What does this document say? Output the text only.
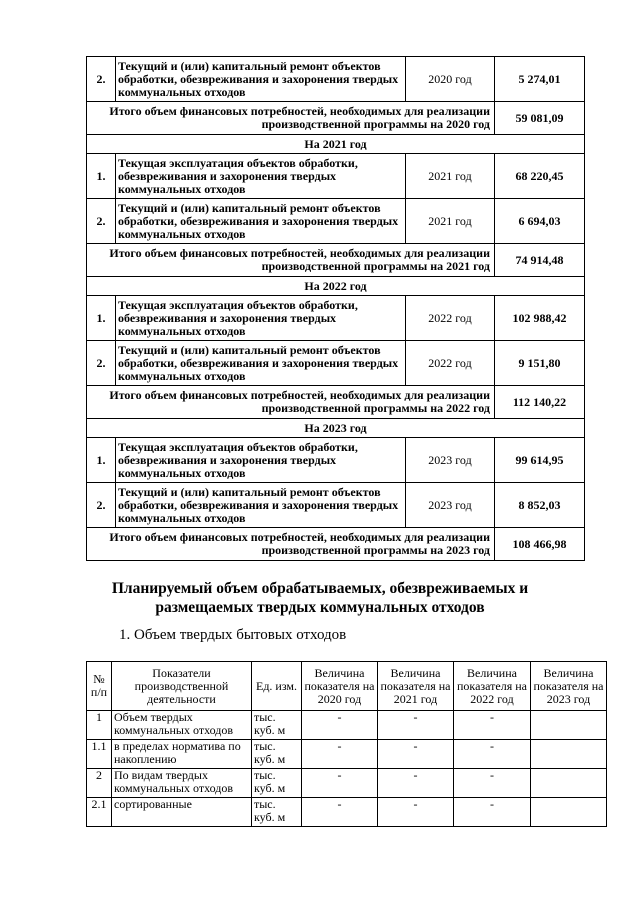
2.	Текущий и (или) капитальный ремонт объектов обработки, обезвреживания и захоронения твердых коммунальных отходов	2020 год	5 274,01
Итого объем финансовых потребностей, необходимых для реализации производственной программы на 2020 год			59 081,09
На 2021 год			
1.	Текущая эксплуатация объектов обработки, обезвреживания и захоронения твердых коммунальных отходов	2021 год	68 220,45
2.	Текущий и (или) капитальный ремонт объектов обработки, обезвреживания и захоронения твердых коммунальных отходов	2021 год	6 694,03
Итого объем финансовых потребностей, необходимых для реализации производственной программы на 2021 год			74 914,48
На 2022 год			
1.	Текущая эксплуатация объектов обработки, обезвреживания и захоронения твердых коммунальных отходов	2022 год	102 988,42
2.	Текущий и (или) капитальный ремонт объектов обработки, обезвреживания и захоронения твердых коммунальных отходов	2022 год	9 151,80
Итого объем финансовых потребностей, необходимых для реализации производственной программы на 2022 год			112 140,22
На 2023 год			
1.	Текущая эксплуатация объектов обработки, обезвреживания и захоронения твердых коммунальных отходов	2023 год	99 614,95
2.	Текущий и (или) капитальный ремонт объектов обработки, обезвреживания и захоронения твердых коммунальных отходов	2023 год	8 852,03
Итого объем финансовых потребностей, необходимых для реализации производственной программы на 2023 год			108 466,98
Планируемый объем обрабатываемых, обезвреживаемых и размещаемых твердых коммунальных отходов
1. Объем твердых бытовых отходов
№ п/п	Показатели производственной деятельности	Ед. изм.	Величина показателя на 2020 год	Величина показателя на 2021 год	Величина показателя на 2022 год	Величина показателя на 2023 год
1	Объем твердых коммунальных отходов	тыс. куб. м	-	-	-	
1.1	в пределах норматива по накоплению	тыс. куб. м	-	-	-	
2	По видам твердых коммунальных отходов	тыс. куб. м	-	-	-	
2.1	сортированные	тыс. куб. м	-	-	-	
